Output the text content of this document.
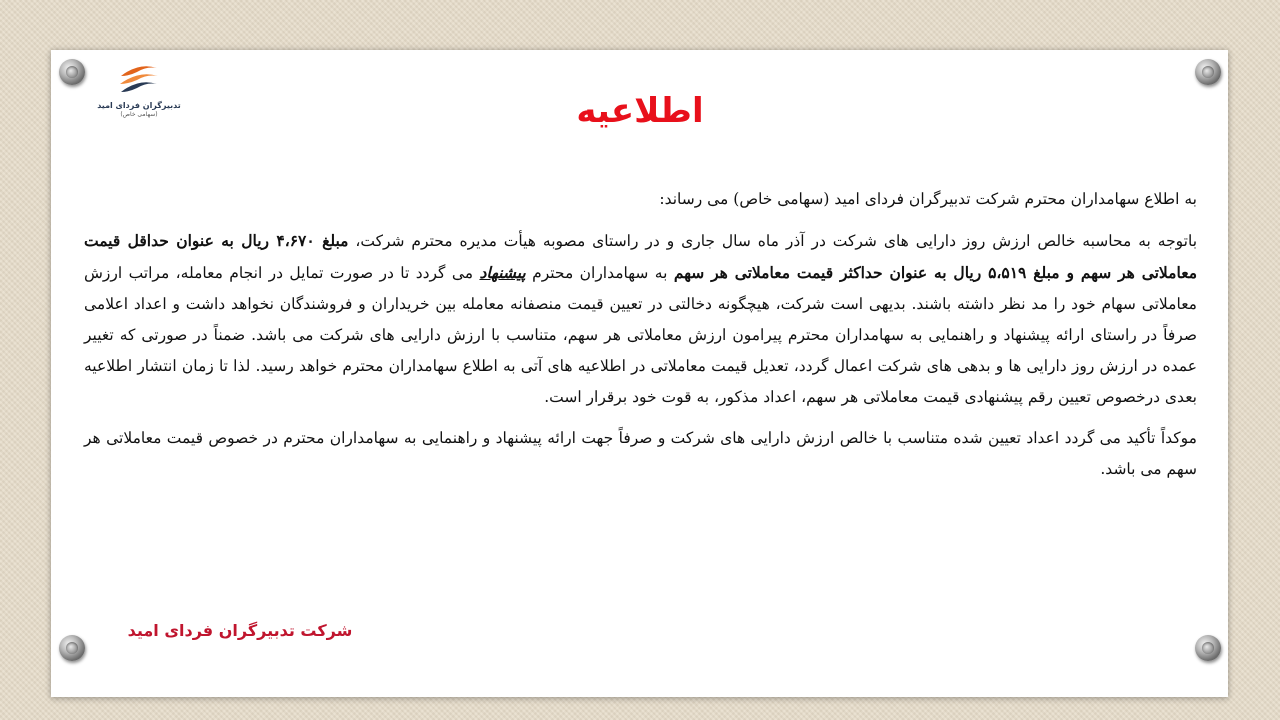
تدبیرگران فردای امید
(سهامی خاص)	اطلاعیه

به اطلاع سهامداران محترم شرکت تدبیرگران فردای امید (سهامی خاص) می رساند:

باتوجه به محاسبه خالص ارزش روز دارایی های شرکت در آذر ماه سال جاری و در راستای مصوبه هیأت مدیره محترم شرکت، مبلغ ۴،۶۷۰ ریال به عنوان حداقل قیمت معاملاتی هر سهم و مبلغ ۵،۵۱۹ ریال به عنوان حداکثر قیمت معاملاتی هر سهم به سهامداران محترم پیشنهاد می گردد تا در صورت تمایل در انجام معامله، مراتب ارزش معاملاتی سهام خود را مد نظر داشته باشند. بدیهی است شرکت، هیچگونه دخالتی در تعیین قیمت منصفانه معامله بین خریداران و فروشندگان نخواهد داشت و اعداد اعلامی صرفاً در راستای ارائه پیشنهاد و راهنمایی به سهامداران محترم پیرامون ارزش معاملاتی هر سهم، متناسب با ارزش دارایی های شرکت می باشد. ضمناً در صورتی که تغییر عمده در ارزش روز دارایی ها و بدهی های شرکت اعمال گردد، تعدیل قیمت معاملاتی در اطلاعیه های آتی به اطلاع سهامداران محترم خواهد رسید. لذا تا زمان انتشار اطلاعیه بعدی درخصوص تعیین رقم پیشنهادی قیمت معاملاتی هر سهم، اعداد مذکور، به قوت خود برقرار است.

موکداً تأکید می گردد اعداد تعیین شده متناسب با خالص ارزش دارایی های شرکت و صرفاً جهت ارائه پیشنهاد و راهنمایی به سهامداران محترم در خصوص قیمت معاملاتی هر سهم می باشد.

شرکت تدبیرگران فردای امید
